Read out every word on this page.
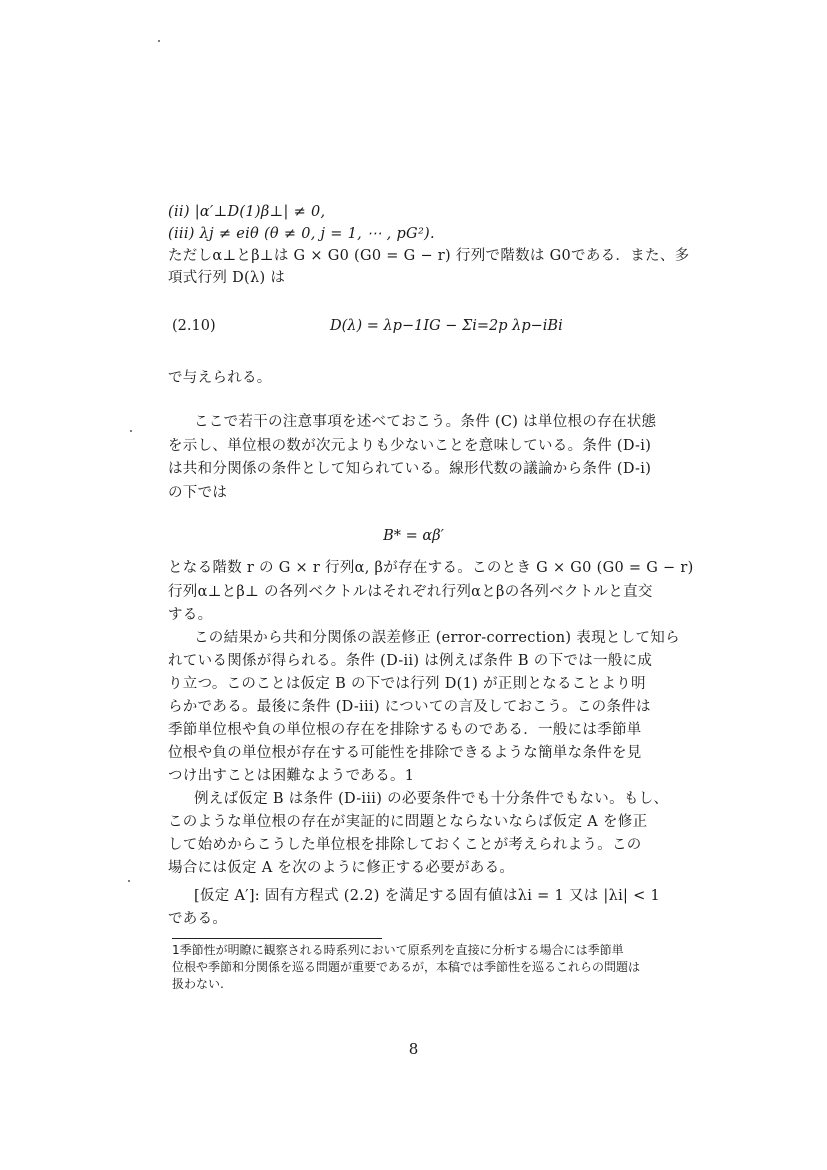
(ii) |α′⊥D(1)β⊥| ≠ 0,
(iii) λj ≠ eiθ (θ ≠ 0, j = 1, ⋯ , pG²).
ただしα⊥とβ⊥は G × G0 (G0 = G − r) 行列で階数は G0である．また、多
項式行列 D(λ) は
(2.10)	D(λ) = λp−1IG − Σi=2p λp−iBi
で与えられる。
ここで若干の注意事項を述べておこう。条件 (C) は単位根の存在状態
を示し、単位根の数が次元よりも少ないことを意味している。条件 (D-i)
は共和分関係の条件として知られている。線形代数の議論から条件 (D-i)
の下では
B* = αβ′
となる階数 r の G × r 行列α, βが存在する。このとき G × G0 (G0 = G − r)
行列α⊥とβ⊥ の各列ベクトルはそれぞれ行列αとβの各列ベクトルと直交
する。
この結果から共和分関係の誤差修正 (error-correction) 表現として知ら
れている関係が得られる。条件 (D-ii) は例えば条件 B の下では一般に成
り立つ。このことは仮定 B の下では行列 D(1) が正則となることより明
らかである。最後に条件 (D-iii) についての言及しておこう。この条件は
季節単位根や負の単位根の存在を排除するものである．一般には季節単
位根や負の単位根が存在する可能性を排除できるような簡単な条件を見
つけ出すことは困難なようである。1
例えば仮定 B は条件 (D-iii) の必要条件でも十分条件でもない。もし、
このような単位根の存在が実証的に問題とならないならば仮定 A を修正
して始めからこうした単位根を排除しておくことが考えられよう。この
場合には仮定 A を次のように修正する必要がある。
[仮定 A′]: 固有方程式 (2.2) を満足する固有値はλi = 1 又は |λi| < 1
である。
1季節性が明瞭に観察される時系列において原系列を直接に分析する場合には季節単
位根や季節和分関係を巡る問題が重要であるが，本稿では季節性を巡るこれらの問題は
扱わない.
8
